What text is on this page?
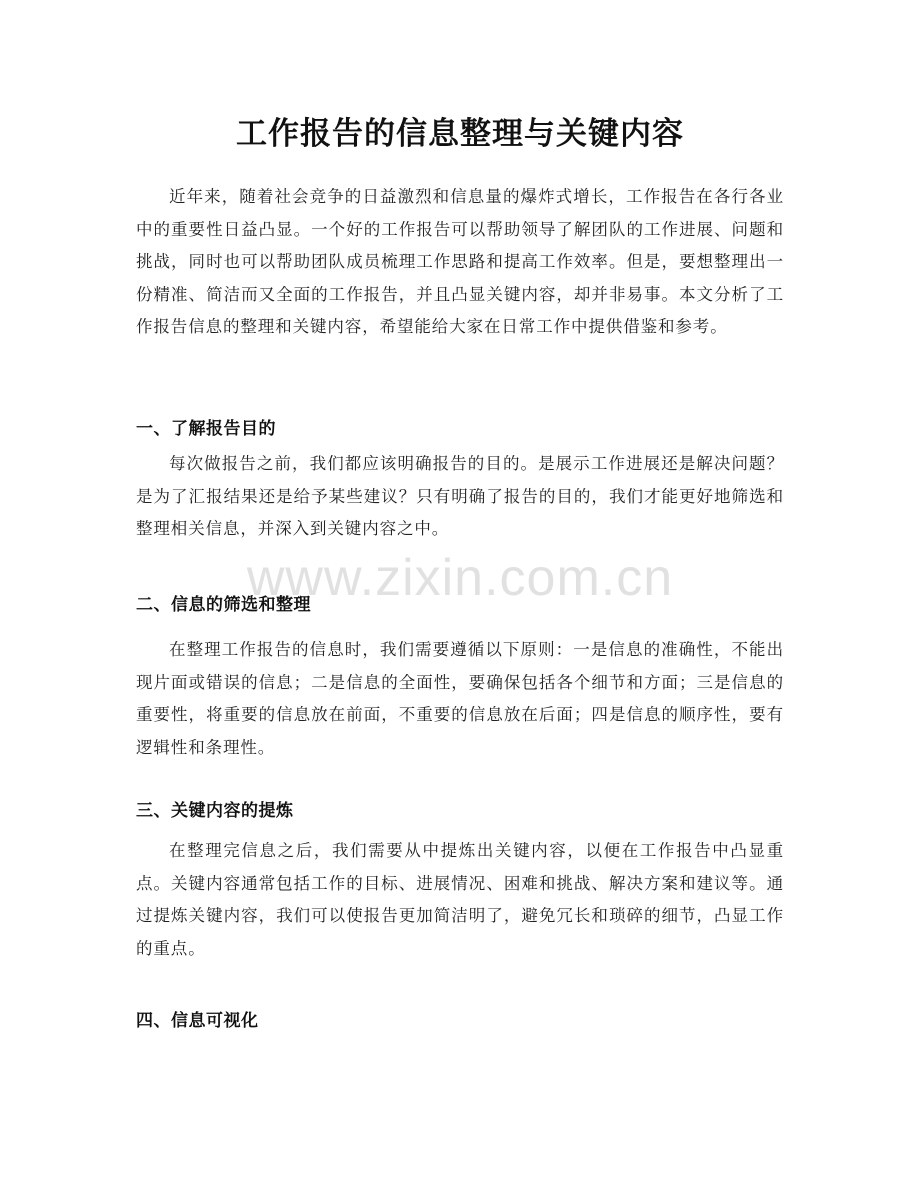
工作报告的信息整理与关键内容

近年来，随着社会竞争的日益激烈和信息量的爆炸式增长，工作报告在各行各业中的重要性日益凸显。一个好的工作报告可以帮助领导了解团队的工作进展、问题和挑战，同时也可以帮助团队成员梳理工作思路和提高工作效率。但是，要想整理出一份精准、简洁而又全面的工作报告，并且凸显关键内容，却并非易事。本文分析了工作报告信息的整理和关键内容，希望能给大家在日常工作中提供借鉴和参考。

一、了解报告目的

每次做报告之前，我们都应该明确报告的目的。是展示工作进展还是解决问题？是为了汇报结果还是给予某些建议？只有明确了报告的目的，我们才能更好地筛选和整理相关信息，并深入到关键内容之中。

二、信息的筛选和整理

在整理工作报告的信息时，我们需要遵循以下原则：一是信息的准确性，不能出现片面或错误的信息；二是信息的全面性，要确保包括各个细节和方面；三是信息的重要性，将重要的信息放在前面，不重要的信息放在后面；四是信息的顺序性，要有逻辑性和条理性。

三、关键内容的提炼

在整理完信息之后，我们需要从中提炼出关键内容，以便在工作报告中凸显重点。关键内容通常包括工作的目标、进展情况、困难和挑战、解决方案和建议等。通过提炼关键内容，我们可以使报告更加简洁明了，避免冗长和琐碎的细节，凸显工作的重点。

四、信息可视化
www.zixin.com.cn
